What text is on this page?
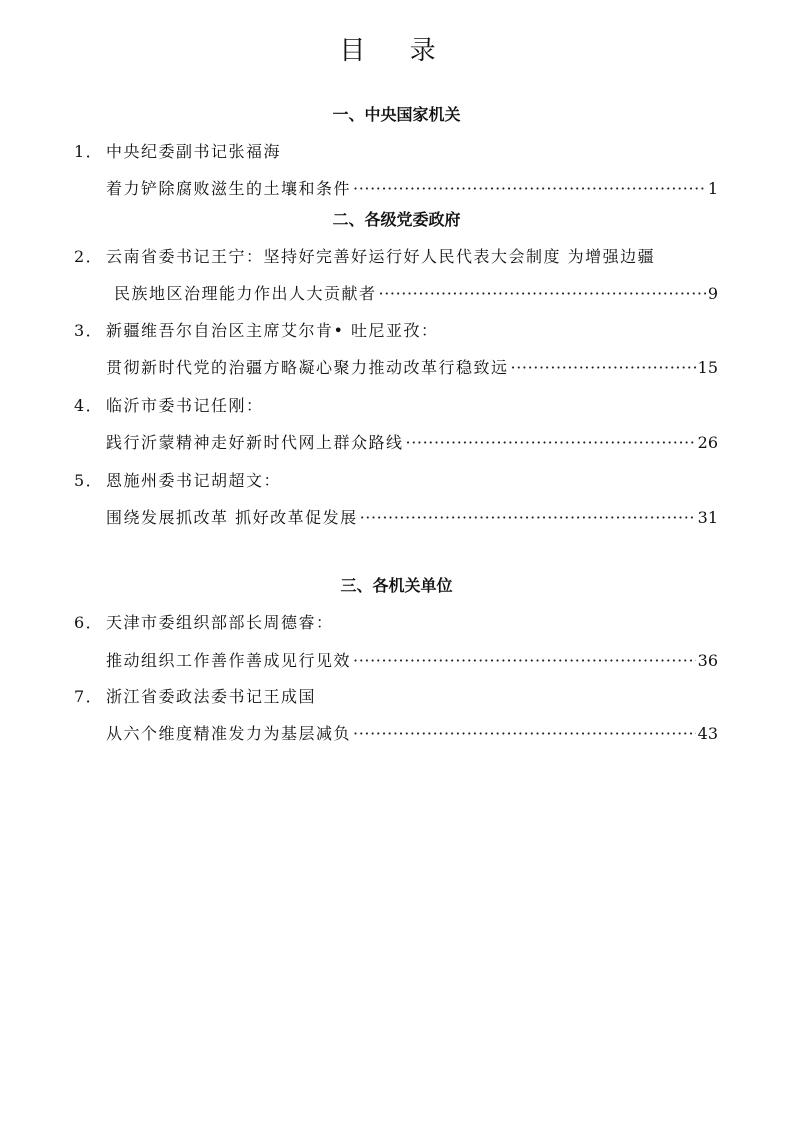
目 录
一、中央国家机关
1． 中央纪委副书记张福海
着力铲除腐败滋生的土壤和条件 ·····	1
二、各级党委政府
2． 云南省委书记王宁：坚持好完善好运行好人民代表大会制度 为增强边疆
民族地区治理能力作出人大贡献者 ·····	9
3． 新疆维吾尔自治区主席艾尔肯• 吐尼亚孜：
贯彻新时代党的治疆方略凝心聚力推动改革行稳致远 ·····	15
4． 临沂市委书记任刚：
践行沂蒙精神走好新时代网上群众路线 ·····	26
5． 恩施州委书记胡超文：
围绕发展抓改革 抓好改革促发展 ·····	31
三、各机关单位
6． 天津市委组织部部长周德睿：
推动组织工作善作善成见行见效 ·····	36
7． 浙江省委政法委书记王成国
从六个维度精准发力为基层减负 ·····	43
